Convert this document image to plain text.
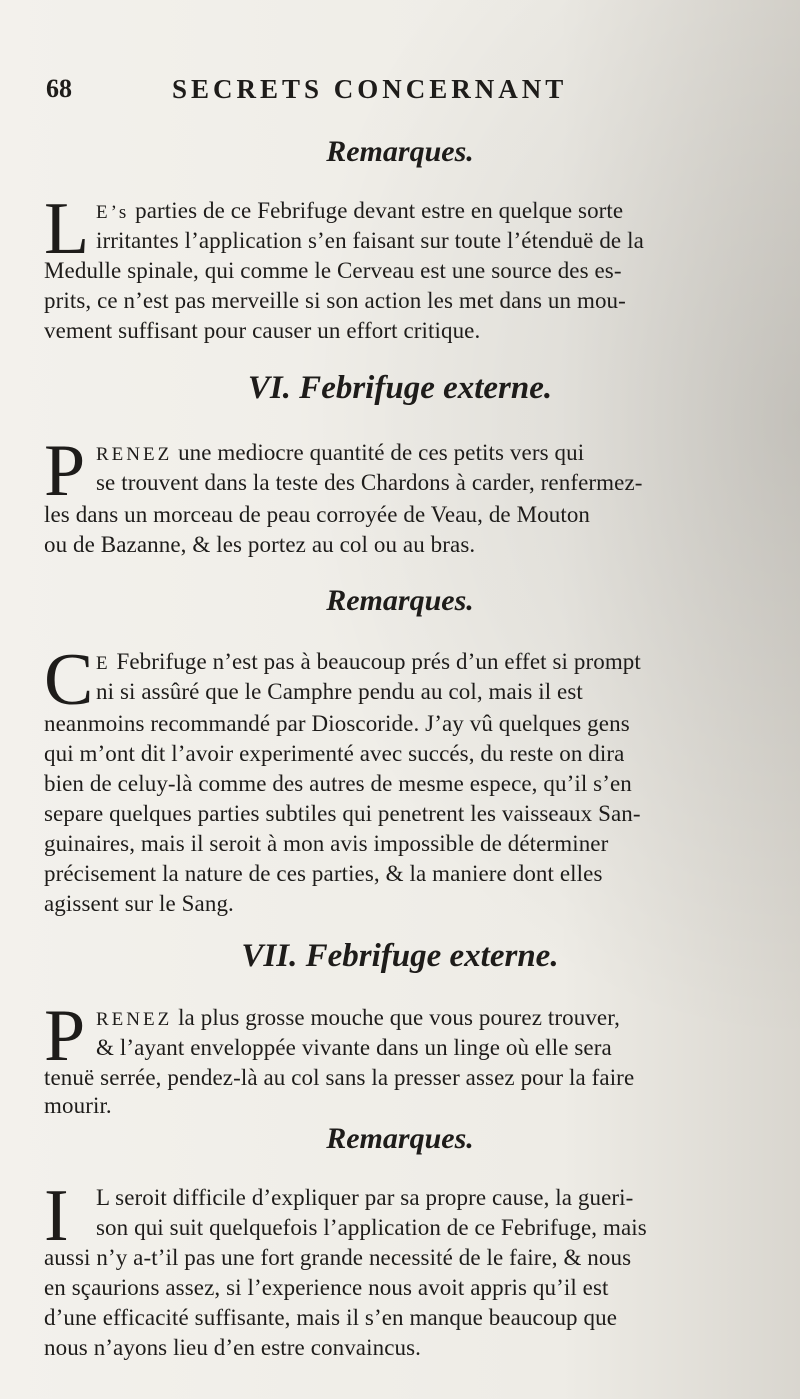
68	SECRETS CONCERNANT
Remarques.
L E’s parties de ce Febrifuge devant estre en quelque sorte
irritantes l’application s’en faisant sur toute l’étenduë de la
Medulle spinale, qui comme le Cerveau est une source des es-
prits, ce n’est pas merveille si son action les met dans un mou-
vement suffisant pour causer un effort critique.
VI. Febrifuge externe.
P RENEZ une mediocre quantité de ces petits vers qui
se trouvent dans la teste des Chardons à carder, renfermez-
les dans un morceau de peau corroyée de Veau, de Mouton
ou de Bazanne, & les portez au col ou au bras.
Remarques.
C E Febrifuge n’est pas à beaucoup prés d’un effet si prompt
ni si assûré que le Camphre pendu au col, mais il est
neanmoins recommandé par Dioscoride. J’ay vû quelques gens
qui m’ont dit l’avoir experimenté avec succés, du reste on dira
bien de celuy-là comme des autres de mesme espece, qu’il s’en
separe quelques parties subtiles qui penetrent les vaisseaux San-
guinaires, mais il seroit à mon avis impossible de déterminer
précisement la nature de ces parties, & la maniere dont elles
agissent sur le Sang.
VII. Febrifuge externe.
P RENEZ la plus grosse mouche que vous pourez trouver,
& l’ayant enveloppée vivante dans un linge où elle sera
tenuë serrée, pendez-là au col sans la presser assez pour la faire
mourir.
Remarques.
I L seroit difficile d’expliquer par sa propre cause, la gueri-
son qui suit quelquefois l’application de ce Febrifuge, mais
aussi n’y a-t’il pas une fort grande necessité de le faire, & nous
en sçaurions assez, si l’experience nous avoit appris qu’il est
d’une efficacité suffisante, mais il s’en manque beaucoup que
nous n’ayons lieu d’en estre convaincus.
